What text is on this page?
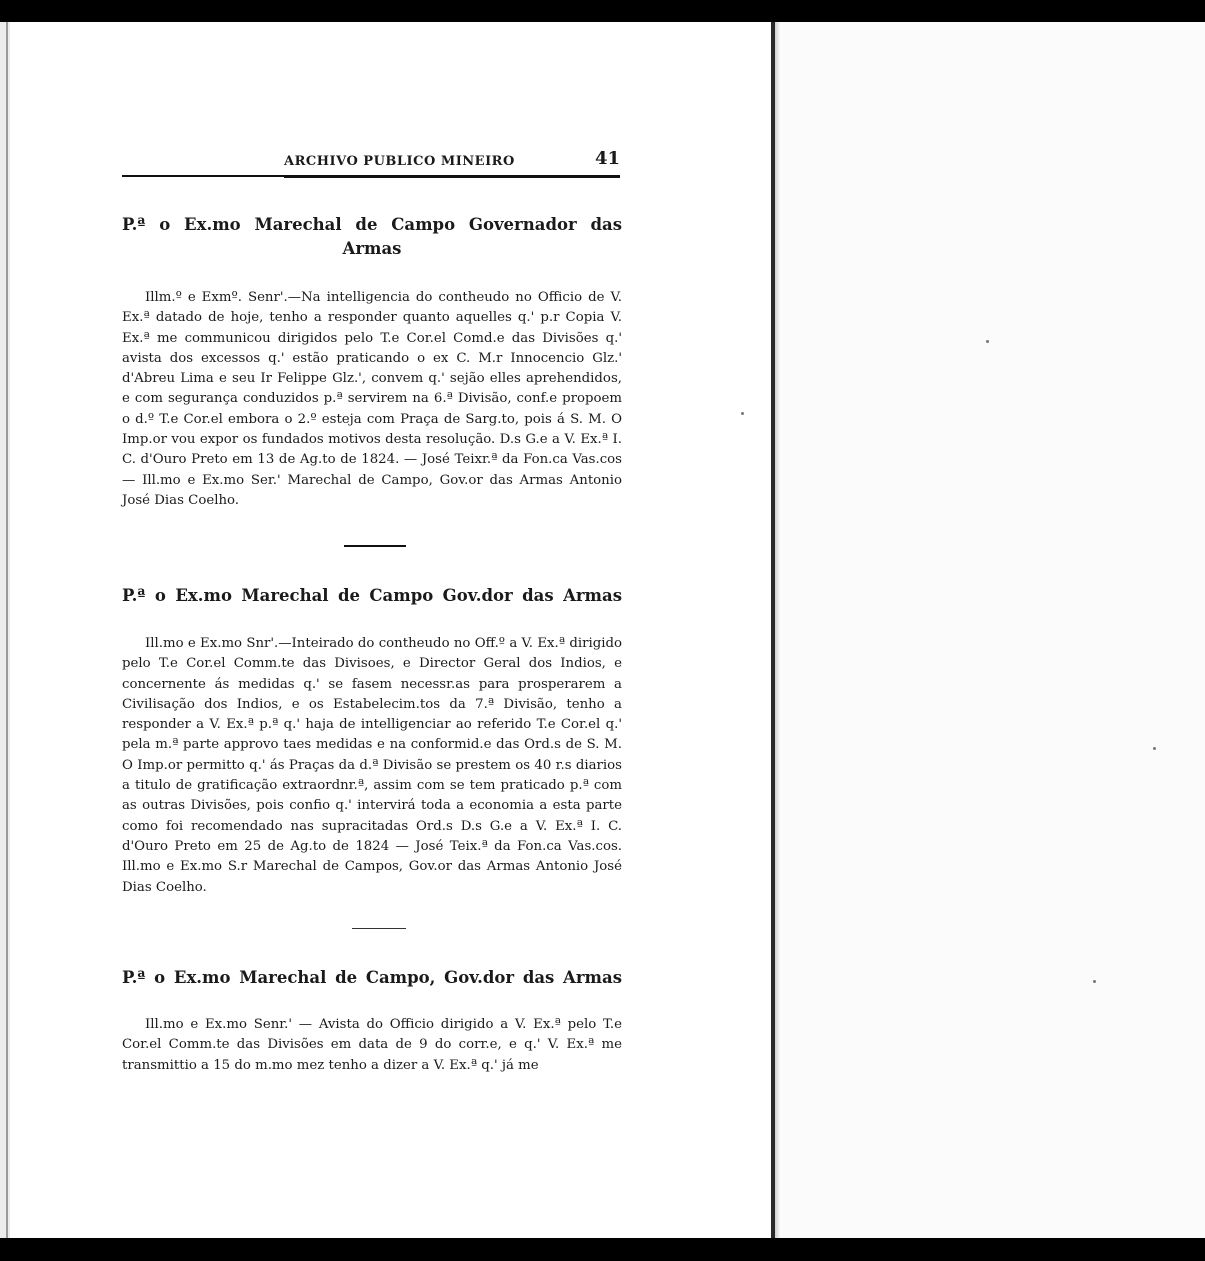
ARCHIVO PUBLICO MINEIRO	41
P.ª o Ex.mo Marechal de Campo Governador das
Armas

Illm.º e Exmº. Senr'.—Na intelligencia do contheudo no Officio de V. Ex.ª datado de hoje, tenho a responder quanto aquelles q.' p.r Copia V. Ex.ª me communicou dirigidos pelo T.e Cor.el Comd.e das Divisões q.' avista dos excessos q.' estão praticando o ex C. M.r Innocencio Glz.' d'Abreu Lima e seu Ir Felippe Glz.', convem q.' sejão elles aprehendidos, e com segurança conduzidos p.ª servirem na 6.ª Divisão, conf.e propoem o d.º T.e Cor.el embora o 2.º esteja com Praça de Sarg.to, pois á S. M. O Imp.or vou expor os fundados motivos desta resolução. D.s G.e a V. Ex.ª I. C. d'Ouro Preto em 13 de Ag.to de 1824. — José Teixr.ª da Fon.ca Vas.cos — Ill.mo e Ex.mo Ser.' Marechal de Campo, Gov.or das Armas Antonio José Dias Coelho.

P.ª o Ex.mo Marechal de Campo Gov.dor das Armas

Ill.mo e Ex.mo Snr'.—Inteirado do contheudo no Off.º a V. Ex.ª dirigido pelo T.e Cor.el Comm.te das Divisoes, e Director Geral dos Indios, e concernente ás medidas q.' se fasem necessr.as para prosperarem a Civilisação dos Indios, e os Estabelecim.tos da 7.ª Divisão, tenho a responder a V. Ex.ª p.ª q.' haja de intelligenciar ao referido T.e Cor.el q.' pela m.ª parte approvo taes medidas e na conformid.e das Ord.s de S. M. O Imp.or permitto q.' ás Praças da d.ª Divisão se prestem os 40 r.s diarios a titulo de gratificação extraordnr.ª, assim com se tem praticado p.ª com as outras Divisões, pois confio q.' intervirá toda a economia a esta parte como foi recomendado nas supracitadas Ord.s D.s G.e a V. Ex.ª I. C. d'Ouro Preto em 25 de Ag.to de 1824 — José Teix.ª da Fon.ca Vas.cos. Ill.mo e Ex.mo S.r Marechal de Campos, Gov.or das Armas Antonio José Dias Coelho.

P.ª o Ex.mo Marechal de Campo, Gov.dor das Armas

Ill.mo e Ex.mo Senr.' — Avista do Officio dirigido a V. Ex.ª pelo T.e Cor.el Comm.te das Divisões em data de 9 do corr.e, e q.' V. Ex.ª me transmittio a 15 do m.mo mez tenho a dizer a V. Ex.ª q.' já me
